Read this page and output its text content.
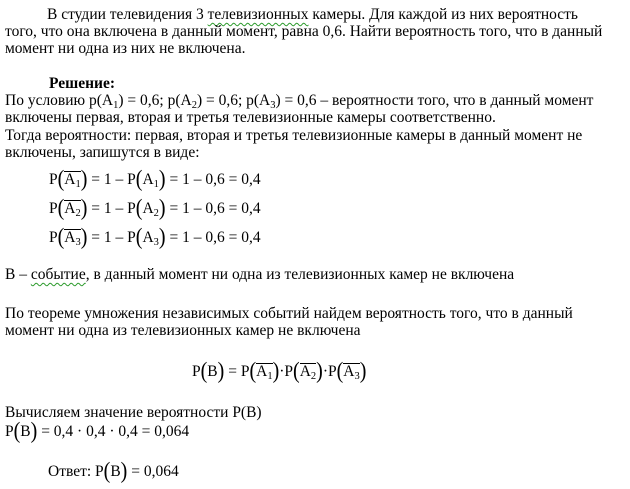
В студии телевидения 3 телевизионных камеры. Для каждой из них вероятность
того, что она включена в данный момент, равна 0,6. Найти вероятность того, что в данный
момент ни одна из них не включена.
Решение:
По условию $p(A_1) = 0,6$; $p(A_2) = 0,6$; $p(A_3) = 0,6$ – вероятности того, что в данный момент
включены первая, вторая и третья телевизионные камеры соответственно.
Тогда вероятности: первая, вторая и третья телевизионные камеры в данный момент не
включены, запишутся в виде:
$P(A_1) = 1 - P(A_1) = 1 - 0,6 = 0,4$
$P(A_2) = 1 - P(A_2) = 1 - 0,6 = 0,4$
$P(A_3) = 1 - P(A_3) = 1 - 0,6 = 0,4$
В – событие, в данный момент ни одна из телевизионных камер не включена
По теореме умножения независимых событий найдем вероятность того, что в данный
момент ни одна из телевизионных камер не включена
$P(B) = P(A_1)\cdot P(A_2)\cdot P(A_3)$
Вычисляем значение вероятности P(B)
P(B) = 0,4 · 0,4 · 0,4 = 0,064
Ответ: P(B) = 0,064
